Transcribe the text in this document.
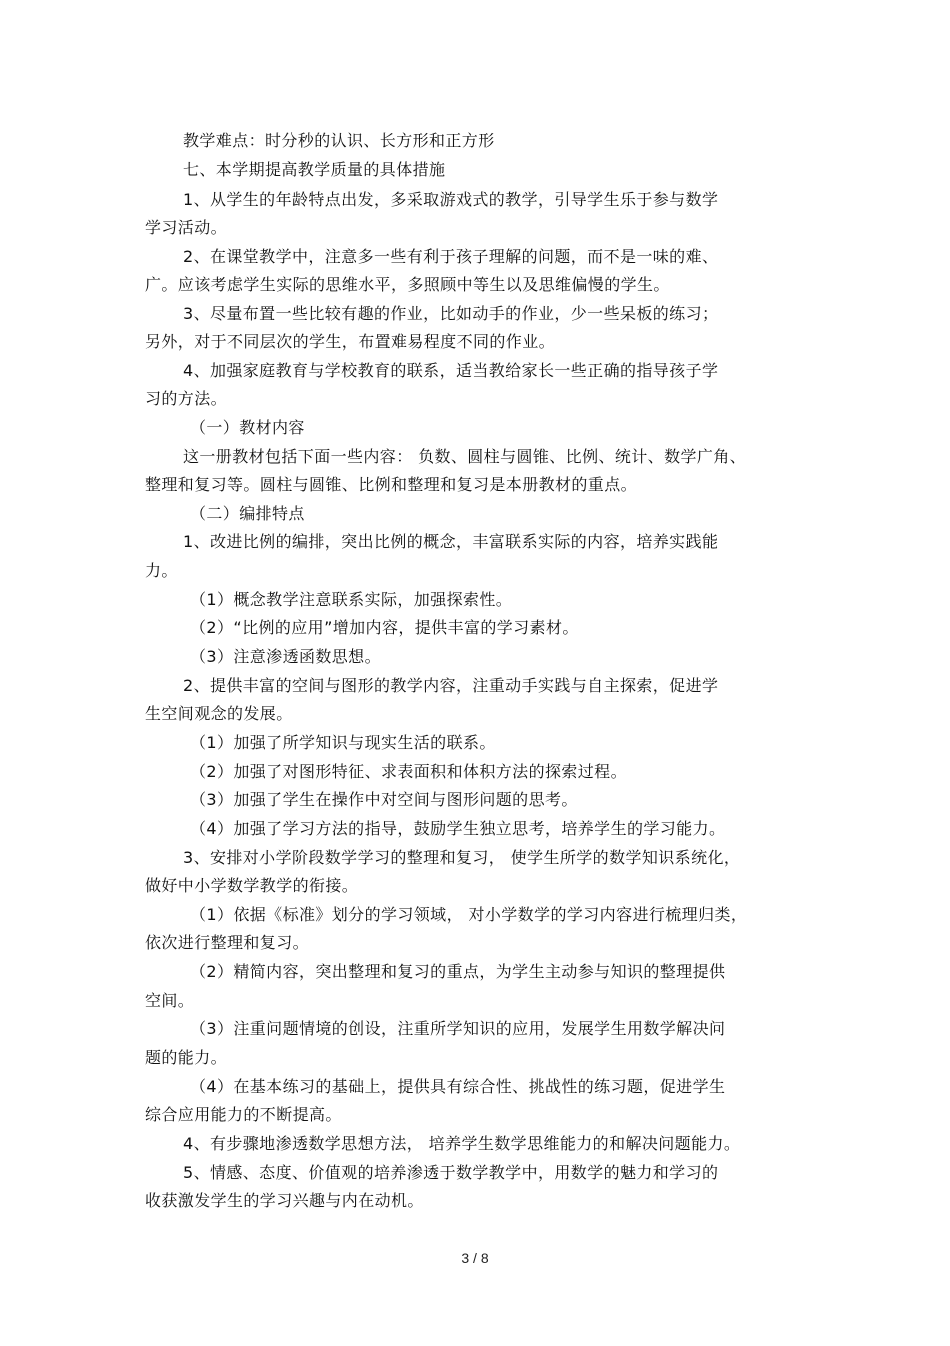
教学难点：时分秒的认识、长方形和正方形
七、本学期提高教学质量的具体措施
1、从学生的年龄特点出发，多采取游戏式的教学，引导学生乐于参与数学
学习活动。
2、在课堂教学中，注意多一些有利于孩子理解的问题，而不是一味的难、
广。应该考虑学生实际的思维水平，多照顾中等生以及思维偏慢的学生。
3、尽量布置一些比较有趣的作业，比如动手的作业，少一些呆板的练习；
另外，对于不同层次的学生，布置难易程度不同的作业。
4、加强家庭教育与学校教育的联系，适当教给家长一些正确的指导孩子学
习的方法。
（一）教材内容
这一册教材包括下面一些内容： 负数、圆柱与圆锥、比例、统计、数学广角、
整理和复习等。圆柱与圆锥、比例和整理和复习是本册教材的重点。
（二）编排特点
1、改进比例的编排，突出比例的概念，丰富联系实际的内容，培养实践能
力。
（1）概念教学注意联系实际，加强探索性。
（2）“比例的应用”增加内容，提供丰富的学习素材。
（3）注意渗透函数思想。
2、提供丰富的空间与图形的教学内容，注重动手实践与自主探索，促进学
生空间观念的发展。
（1）加强了所学知识与现实生活的联系。
（2）加强了对图形特征、求表面积和体积方法的探索过程。
（3）加强了学生在操作中对空间与图形问题的思考。
（4）加强了学习方法的指导，鼓励学生独立思考，培养学生的学习能力。
3、安排对小学阶段数学学习的整理和复习， 使学生所学的数学知识系统化，
做好中小学数学教学的衔接。
（1）依据《标准》划分的学习领域， 对小学数学的学习内容进行梳理归类，
依次进行整理和复习。
（2）精简内容，突出整理和复习的重点，为学生主动参与知识的整理提供
空间。
（3）注重问题情境的创设，注重所学知识的应用，发展学生用数学解决问
题的能力。
（4）在基本练习的基础上，提供具有综合性、挑战性的练习题，促进学生
综合应用能力的不断提高。
4、有步骤地渗透数学思想方法， 培养学生数学思维能力的和解决问题能力。
5、情感、态度、价值观的培养渗透于数学教学中，用数学的魅力和学习的
收获激发学生的学习兴趣与内在动机。
3 / 8
